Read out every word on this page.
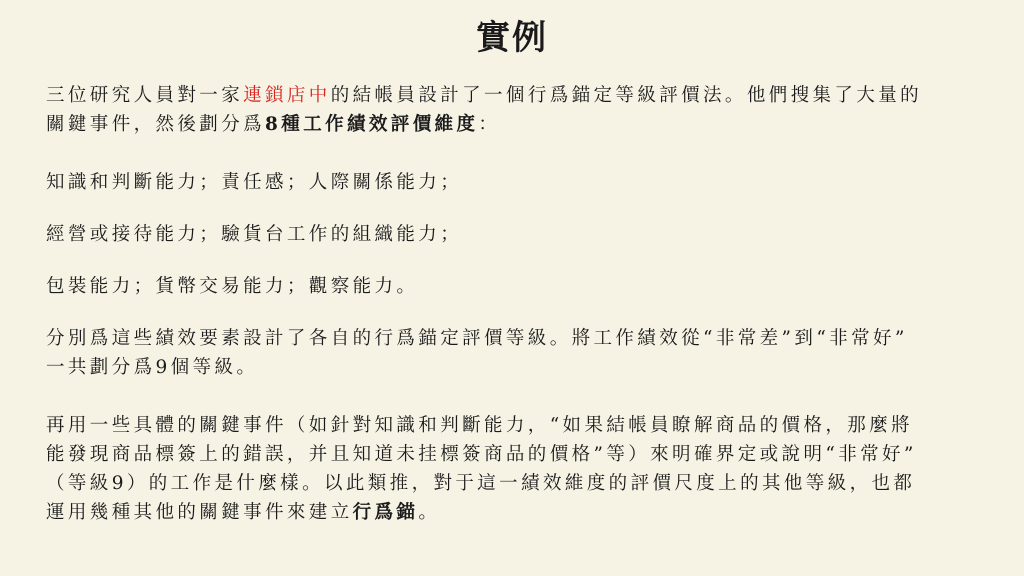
實例
三位研究人員對一家連鎖店中的結帳員設計了一個行爲錨定等級評價法。他們搜集了大量的
關鍵事件，然後劃分爲8種工作績效評價維度：
知識和判斷能力；責任感；人際關係能力；
經營或接待能力；驗貨台工作的組織能力；
包裝能力；貨幣交易能力；觀察能力。
分別爲這些績效要素設計了各自的行爲錨定評價等級。將工作績效從“非常差”到“非常好”
一共劃分爲9個等級。
再用一些具體的關鍵事件（如針對知識和判斷能力，“如果結帳員瞭解商品的價格，那麼將
能發現商品標簽上的錯誤，并且知道未挂標簽商品的價格”等）來明確界定或說明“非常好”
（等級9）的工作是什麼樣。以此類推，對于這一績效維度的評價尺度上的其他等級，也都
運用幾種其他的關鍵事件來建立行爲錨。
